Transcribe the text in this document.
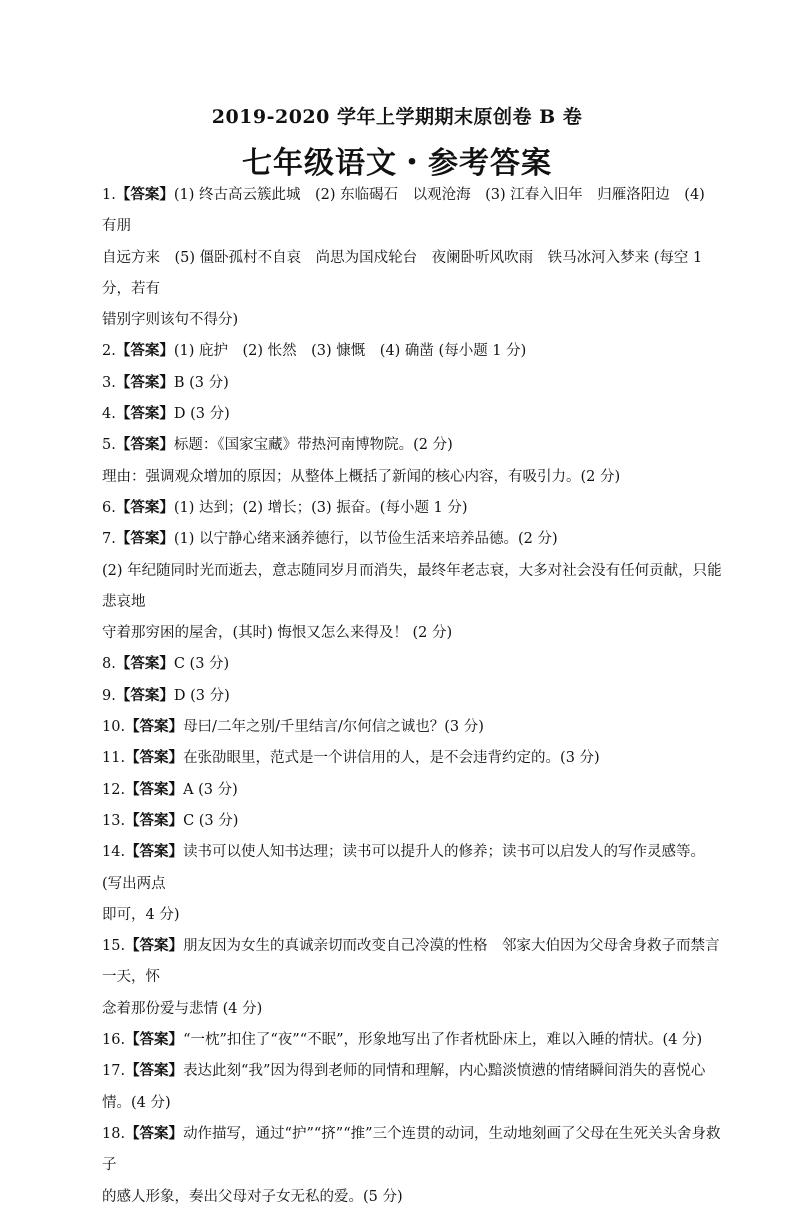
2019-2020 学年上学期期末原创卷 B 卷
七年级语文・参考答案

1.【答案】(1) 终古高云簇此城　(2) 东临碣石　以观沧海　(3) 江春入旧年　归雁洛阳边　(4) 有朋

自远方来　(5) 僵卧孤村不自哀　尚思为国戍轮台　夜阑卧听风吹雨　铁马冰河入梦来 (每空 1 分，若有

错别字则该句不得分)

2.【答案】(1) 庇护　(2) 怅然　(3) 慷慨　(4) 确凿 (每小题 1 分)

3.【答案】B (3 分)

4.【答案】D (3 分)

5.【答案】标题：《国家宝藏》带热河南博物院。(2 分)

理由：强调观众增加的原因；从整体上概括了新闻的核心内容，有吸引力。(2 分)

6.【答案】(1) 达到；(2) 增长；(3) 振奋。(每小题 1 分)

7.【答案】(1) 以宁静心绪来涵养德行，以节俭生活来培养品德。(2 分)

(2) 年纪随同时光而逝去，意志随同岁月而消失，最终年老志衰，大多对社会没有任何贡献，只能悲哀地

守着那穷困的屋舍，(其时) 悔恨又怎么来得及！ (2 分)

8.【答案】C (3 分)

9.【答案】D (3 分)

10.【答案】母曰/二年之别/千里结言/尔何信之诚也？(3 分)

11.【答案】在张劭眼里，范式是一个讲信用的人，是不会违背约定的。(3 分)

12.【答案】A (3 分)

13.【答案】C (3 分)

14.【答案】读书可以使人知书达理；读书可以提升人的修养；读书可以启发人的写作灵感等。(写出两点

即可，4 分)

15.【答案】朋友因为女生的真诚亲切而改变自己冷漠的性格　邻家大伯因为父母舍身救子而禁言一天，怀

念着那份爱与悲情 (4 分)

16.【答案】“一枕”扣住了“夜”“不眠”，形象地写出了作者枕卧床上，难以入睡的情状。(4 分)

17.【答案】表达此刻“我”因为得到老师的同情和理解，内心黯淡愤懑的情绪瞬间消失的喜悦心情。(4 分)

18.【答案】动作描写，通过“护”“挤”“推”三个连贯的动词，生动地刻画了父母在生死关头舍身救子

的感人形象，奏出父母对子女无私的爱。(5 分)
